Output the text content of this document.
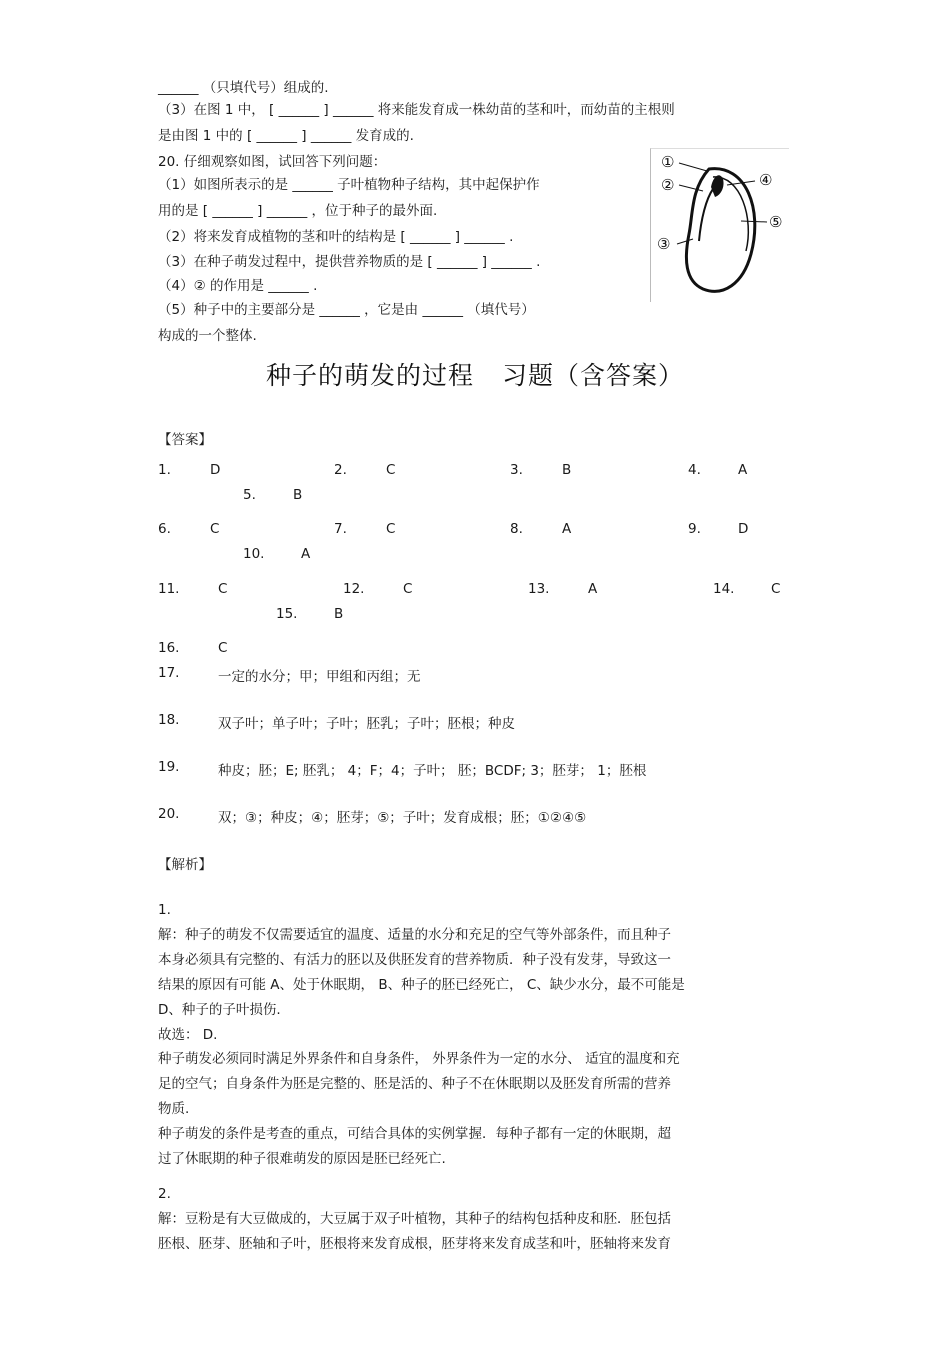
______ （只填代号）组成的.
（3）在图 1 中， [ ______ ] ______ 将来能发育成一株幼苗的茎和叶，而幼苗的主根则
是由图 1 中的 [ ______ ] ______ 发育成的.
20. 仔细观察如图，试回答下列问题：
（1）如图所表示的是 ______ 子叶植物种子结构，其中起保护作
用的是 [ ______ ] ______ ，位于种子的最外面.
（2）将来发育成植物的茎和叶的结构是 [ ______ ] ______ .
（3）在种子萌发过程中，提供营养物质的是 [ ______ ] ______ .
（4）② 的作用是 ______ .
（5）种子中的主要部分是 ______ ，它是由 ______ （填代号）
构成的一个整体.
①
②
③
④
⑤
种子的萌发的过程 习题（含答案）
【答案】
1.	D	2.	C	3.	B	4.	A
5.	B
6.	C	7.	C	8.	A	9.	D
10.	A
11.	C	12.	C	13.	A	14.	C
15.	B
16.	C
17.	一定的水分；甲；甲组和丙组；无
18.	双子叶；单子叶；子叶；胚乳；子叶；胚根；种皮
19.	种皮；胚；E; 胚乳； 4；F；4；子叶； 胚；BCDF; 3；胚芽； 1；胚根
20.	双；③；种皮；④；胚芽；⑤；子叶；发育成根；胚；①②④⑤
【解析】
1.
解：种子的萌发不仅需要适宜的温度、适量的水分和充足的空气等外部条件，而且种子
本身必须具有完整的、有活力的胚以及供胚发育的营养物质．种子没有发芽，导致这一
结果的原因有可能 A、处于休眠期， B、种子的胚已经死亡， C、缺少水分，最不可能是
D、种子的子叶损伤.
故选： D.
种子萌发必须同时满足外界条件和自身条件， 外界条件为一定的水分、 适宜的温度和充
足的空气；自身条件为胚是完整的、胚是活的、种子不在休眠期以及胚发育所需的营养
物质.
种子萌发的条件是考查的重点，可结合具体的实例掌握．每种子都有一定的休眠期，超
过了休眠期的种子很难萌发的原因是胚已经死亡.
2.
解：豆粉是有大豆做成的，大豆属于双子叶植物，其种子的结构包括种皮和胚．胚包括
胚根、胚芽、胚轴和子叶，胚根将来发育成根，胚芽将来发育成茎和叶，胚轴将来发育
